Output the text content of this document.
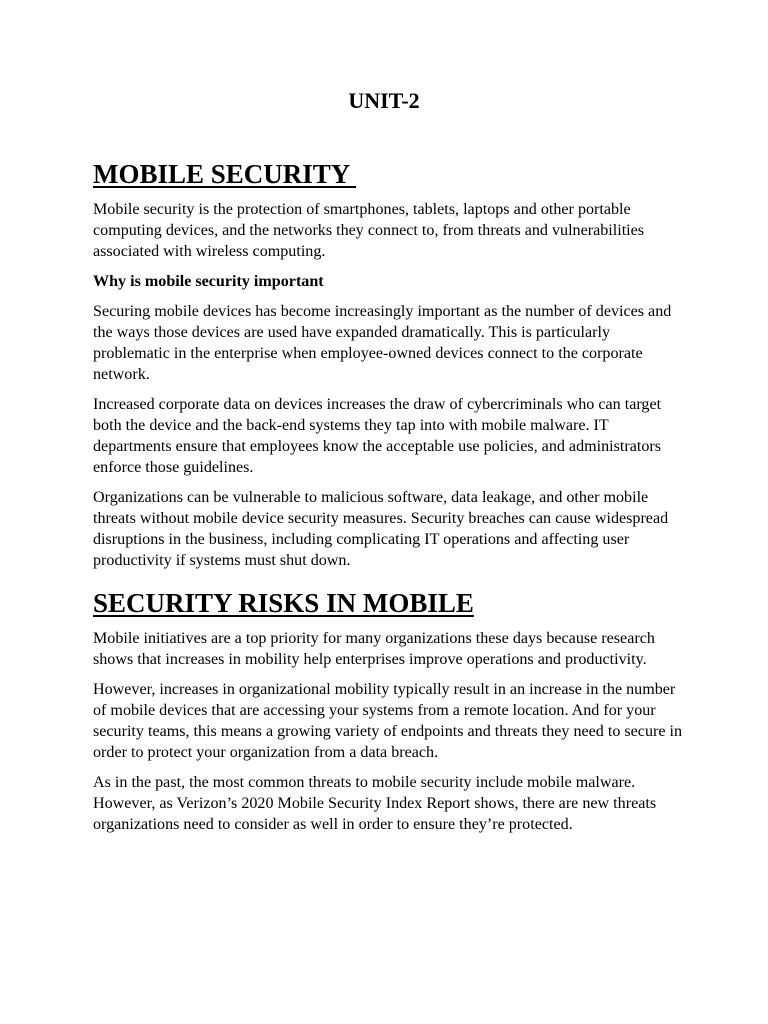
UNIT-2
MOBILE SECURITY

Mobile security is the protection of smartphones, tablets, laptops and other portable computing devices, and the networks they connect to, from threats and vulnerabilities associated with wireless computing.

Why is mobile security important

Securing mobile devices has become increasingly important as the number of devices and the ways those devices are used have expanded dramatically. This is particularly problematic in the enterprise when employee-owned devices connect to the corporate network.

Increased corporate data on devices increases the draw of cybercriminals who can target both the device and the back-end systems they tap into with mobile malware. IT departments ensure that employees know the acceptable use policies, and administrators enforce those guidelines.

Organizations can be vulnerable to malicious software, data leakage, and other mobile threats without mobile device security measures. Security breaches can cause widespread disruptions in the business, including complicating IT operations and affecting user productivity if systems must shut down.

SECURITY RISKS IN MOBILE

Mobile initiatives are a top priority for many organizations these days because research shows that increases in mobility help enterprises improve operations and productivity.

However, increases in organizational mobility typically result in an increase in the number of mobile devices that are accessing your systems from a remote location. And for your security teams, this means a growing variety of endpoints and threats they need to secure in order to protect your organization from a data breach.

As in the past, the most common threats to mobile security include mobile malware. However, as Verizon’s 2020 Mobile Security Index Report shows, there are new threats organizations need to consider as well in order to ensure they’re protected.
